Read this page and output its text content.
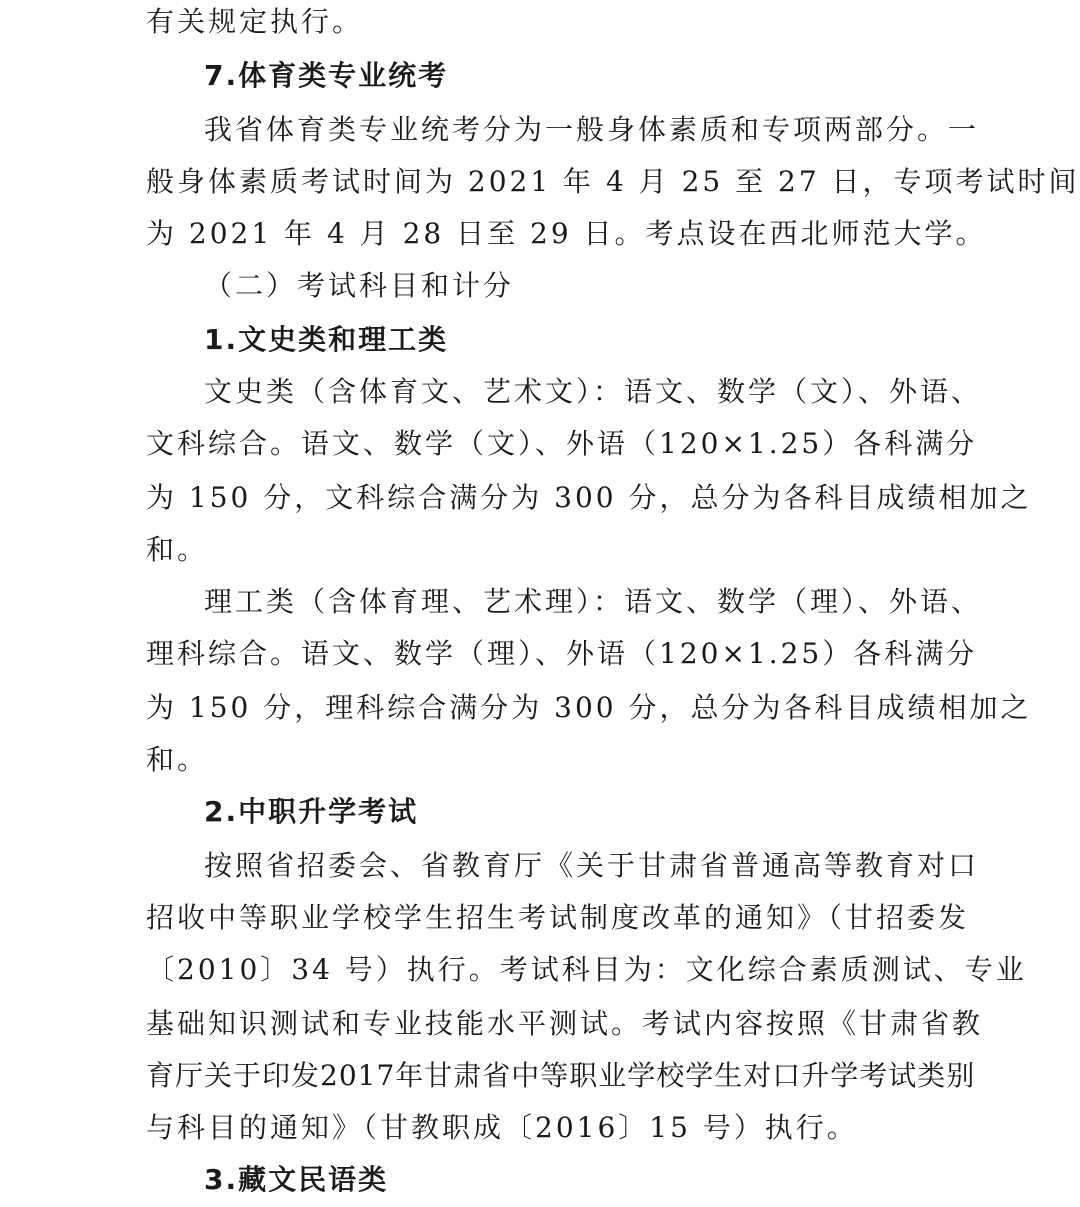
有关规定执行。
7.体育类专业统考
我省体育类专业统考分为一般身体素质和专项两部分。一
般身体素质考试时间为 2021 年 4 月 25 至 27 日，专项考试时间
为 2021 年 4 月 28 日至 29 日。考点设在西北师范大学。
（二）考试科目和计分
1.文史类和理工类
文史类（含体育文、艺术文）：语文、数学（文）、外语、
文科综合。语文、数学（文）、外语（120×1.25）各科满分
为 150 分，文科综合满分为 300 分，总分为各科目成绩相加之
和。
理工类（含体育理、艺术理）：语文、数学（理）、外语、
理科综合。语文、数学（理）、外语（120×1.25）各科满分
为 150 分，理科综合满分为 300 分，总分为各科目成绩相加之
和。
2.中职升学考试
按照省招委会、省教育厅《关于甘肃省普通高等教育对口
招收中等职业学校学生招生考试制度改革的通知》（甘招委发
〔2010〕34 号）执行。考试科目为：文化综合素质测试、专业
基础知识测试和专业技能水平测试。考试内容按照《甘肃省教
育厅关于印发2017年甘肃省中等职业学校学生对口升学考试类别
与科目的通知》（甘教职成〔2016〕15 号）执行。
3.藏文民语类
